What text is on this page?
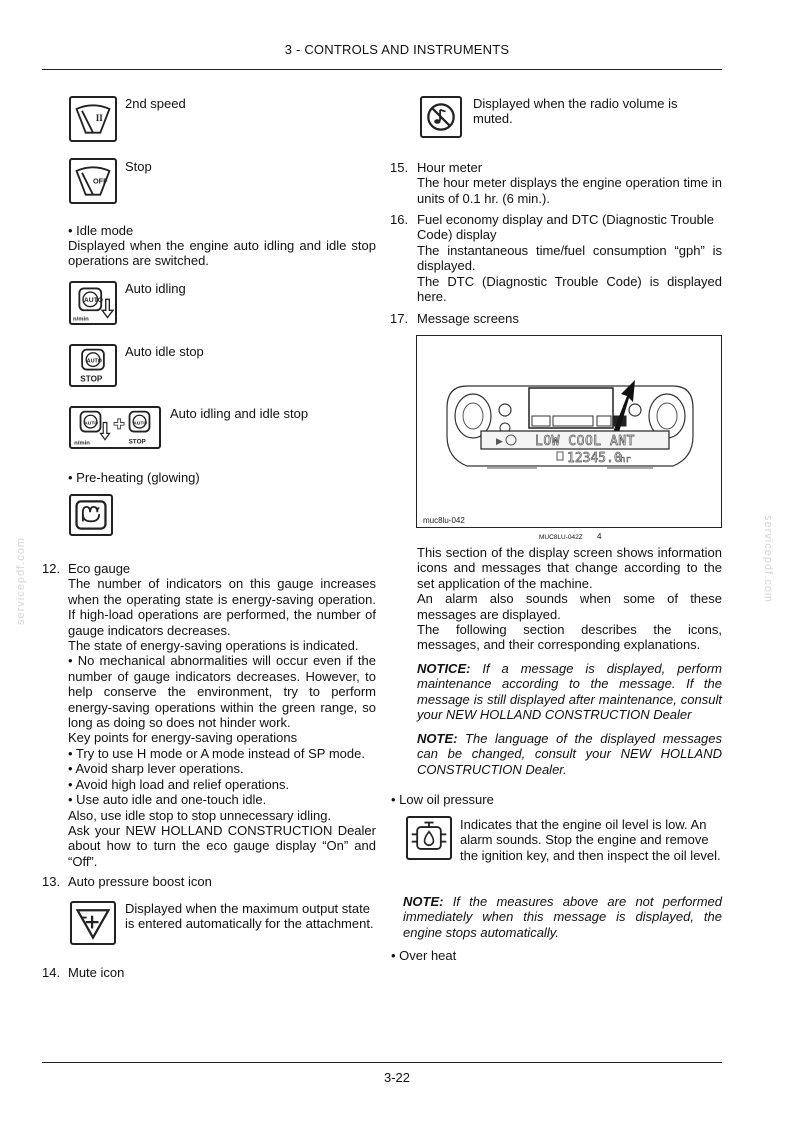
3 - CONTROLS AND INSTRUMENTS
servicepdf.com	servicepdf.com
II

2nd speed

OFF

Stop

• Idle mode

Displayed when the engine auto idling and idle stop operations are switched.

AUTO
n/min

Auto idling

AUTO
STOP

Auto idle stop

AUTO
n/min
AUTO
STOP

Auto idling and idle stop

• Pre-heating (glowing)

12. Eco gauge

The number of indicators on this gauge increases when the operating state is energy-saving operation. If high-load operations are performed, the number of gauge indicators decreases.

The state of energy-saving operations is indicated.

• No mechanical abnormalities will occur even if the number of gauge indicators decreases. However, to help conserve the environment, try to perform energy-saving operations within the green range, so long as doing so does not hinder work.

Key points for energy-saving operations

• Try to use H mode or A mode instead of SP mode.

• Avoid sharp lever operations.

• Avoid high load and relief operations.

• Use auto idle and one-touch idle.

Also, use idle stop to stop unnecessary idling.

Ask your NEW HOLLAND CONSTRUCTION Dealer about how to turn the eco gauge display “On” and “Off”.

13. Auto pressure boost icon

Displayed when the maximum output state is entered automatically for the attachment.

14. Mute icon

Displayed when the radio volume is muted.

15. Hour meter

The hour meter displays the engine operation time in units of 0.1 hr. (6 min.).

16. Fuel economy display and DTC (Diagnostic Trouble Code) display

The instantaneous time/fuel consumption “gph” is displayed.

The DTC (Diagnostic Trouble Code) is displayed here.

17. Message screens

▶ LOW COOL ANT
12345.0
hr
muc8lu-042

MUC8LU-042Z 4

This section of the display screen shows information icons and messages that change according to the set application of the machine.

An alarm also sounds when some of these messages are displayed.

The following section describes the icons, messages, and their corresponding explanations.

NOTICE: If a message is displayed, perform maintenance according to the message. If the message is still displayed after maintenance, consult your NEW HOLLAND CONSTRUCTION Dealer

NOTE: The language of the displayed messages can be changed, consult your NEW HOLLAND CONSTRUCTION Dealer.

• Low oil pressure

Indicates that the engine oil level is low. An alarm sounds. Stop the engine and remove the ignition key, and then inspect the oil level.

NOTE: If the measures above are not performed immediately when this message is displayed, the engine stops automatically.

• Over heat

3-22
